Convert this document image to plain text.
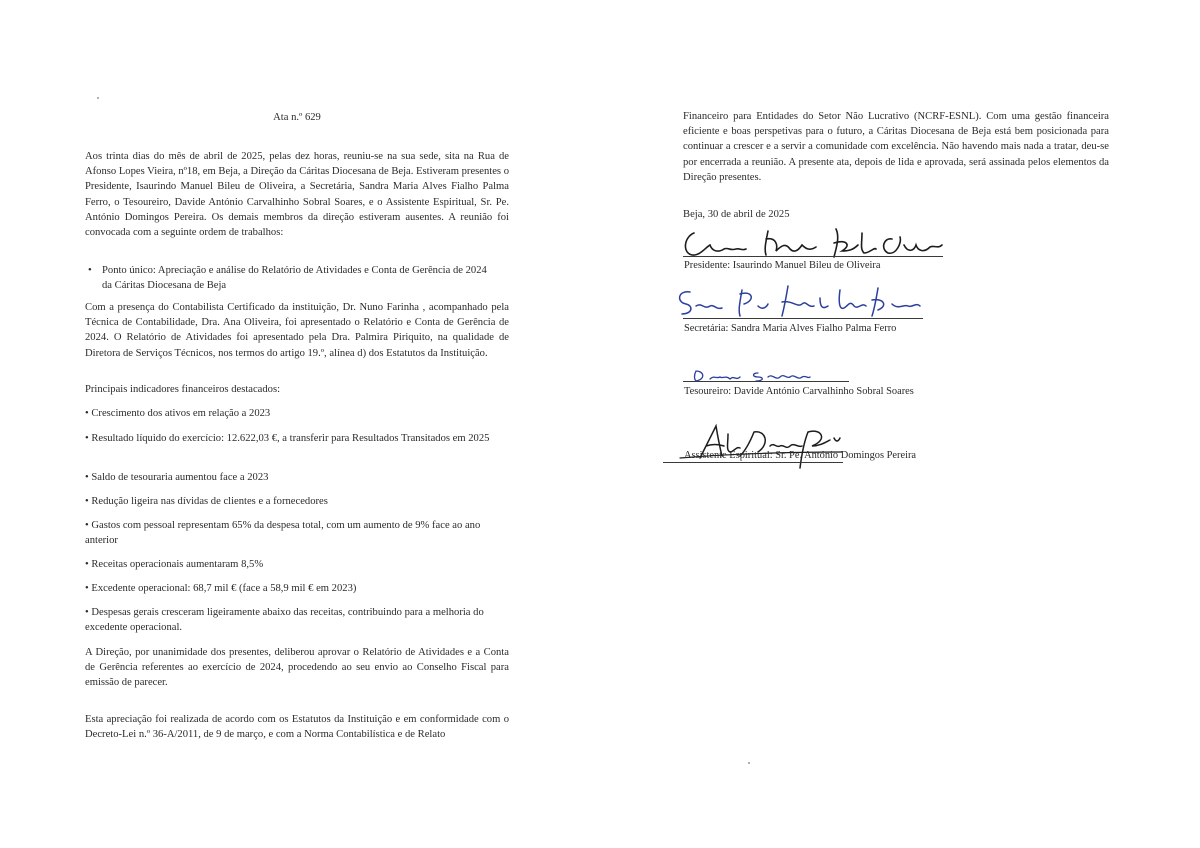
Ata n.º 629

Aos trinta dias do mês de abril de 2025, pelas dez horas, reuniu-se na sua sede, sita na Rua de Afonso Lopes Vieira, nº18, em Beja, a Direção da Cáritas Diocesana de Beja. Estiveram presentes o Presidente, Isaurindo Manuel Bileu de Oliveira, a Secretária, Sandra Maria Alves Fialho Palma Ferro, o Tesoureiro, Davide António Carvalhinho Sobral Soares, e o Assistente Espiritual, Sr. Pe. António Domingos Pereira. Os demais membros da direção estiveram ausentes. A reunião foi convocada com a seguinte ordem de trabalhos:

• Ponto único: Apreciação e análise do Relatório de Atividades e Conta de Gerência de 2024 da Cáritas Diocesana de Beja

Com a presença do Contabilista Certificado da instituição, Dr. Nuno Farinha , acompanhado pela Técnica de Contabilidade, Dra. Ana Oliveira, foi apresentado o Relatório e Conta de Gerência de 2024. O Relatório de Atividades foi apresentado pela Dra. Palmira Piriquito, na qualidade de Diretora de Serviços Técnicos, nos termos do artigo 19.º, alínea d) dos Estatutos da Instituição.

Principais indicadores financeiros destacados:

• Crescimento dos ativos em relação a 2023

• Resultado líquido do exercício: 12.622,03 €, a transferir para Resultados Transitados em 2025

• Saldo de tesouraria aumentou face a 2023

• Redução ligeira nas dívidas de clientes e a fornecedores

• Gastos com pessoal representam 65% da despesa total, com um aumento de 9% face ao ano anterior

• Receitas operacionais aumentaram 8,5%

• Excedente operacional: 68,7 mil € (face a 58,9 mil € em 2023)

• Despesas gerais cresceram ligeiramente abaixo das receitas, contribuindo para a melhoria do excedente operacional.

A Direção, por unanimidade dos presentes, deliberou aprovar o Relatório de Atividades e a Conta de Gerência referentes ao exercício de 2024, procedendo ao seu envio ao Conselho Fiscal para emissão de parecer.

Esta apreciação foi realizada de acordo com os Estatutos da Instituição e em conformidade com o Decreto-Lei n.º 36-A/2011, de 9 de março, e com a Norma Contabilística e de Relato

Financeiro para Entidades do Setor Não Lucrativo (NCRF-ESNL). Com uma gestão financeira eficiente e boas perspetivas para o futuro, a Cáritas Diocesana de Beja está bem posicionada para continuar a crescer e a servir a comunidade com excelência. Não havendo mais nada a tratar, deu-se por encerrada a reunião. A presente ata, depois de lida e aprovada, será assinada pelos elementos da Direção presentes.

Beja, 30 de abril de 2025

Presidente: Isaurindo Manuel Bileu de Oliveira
Secretária: Sandra Maria Alves Fialho Palma Ferro
Tesoureiro: Davide António Carvalhinho Sobral Soares
Assistente Espiritual: Sr. Pe. António Domingos Pereira
